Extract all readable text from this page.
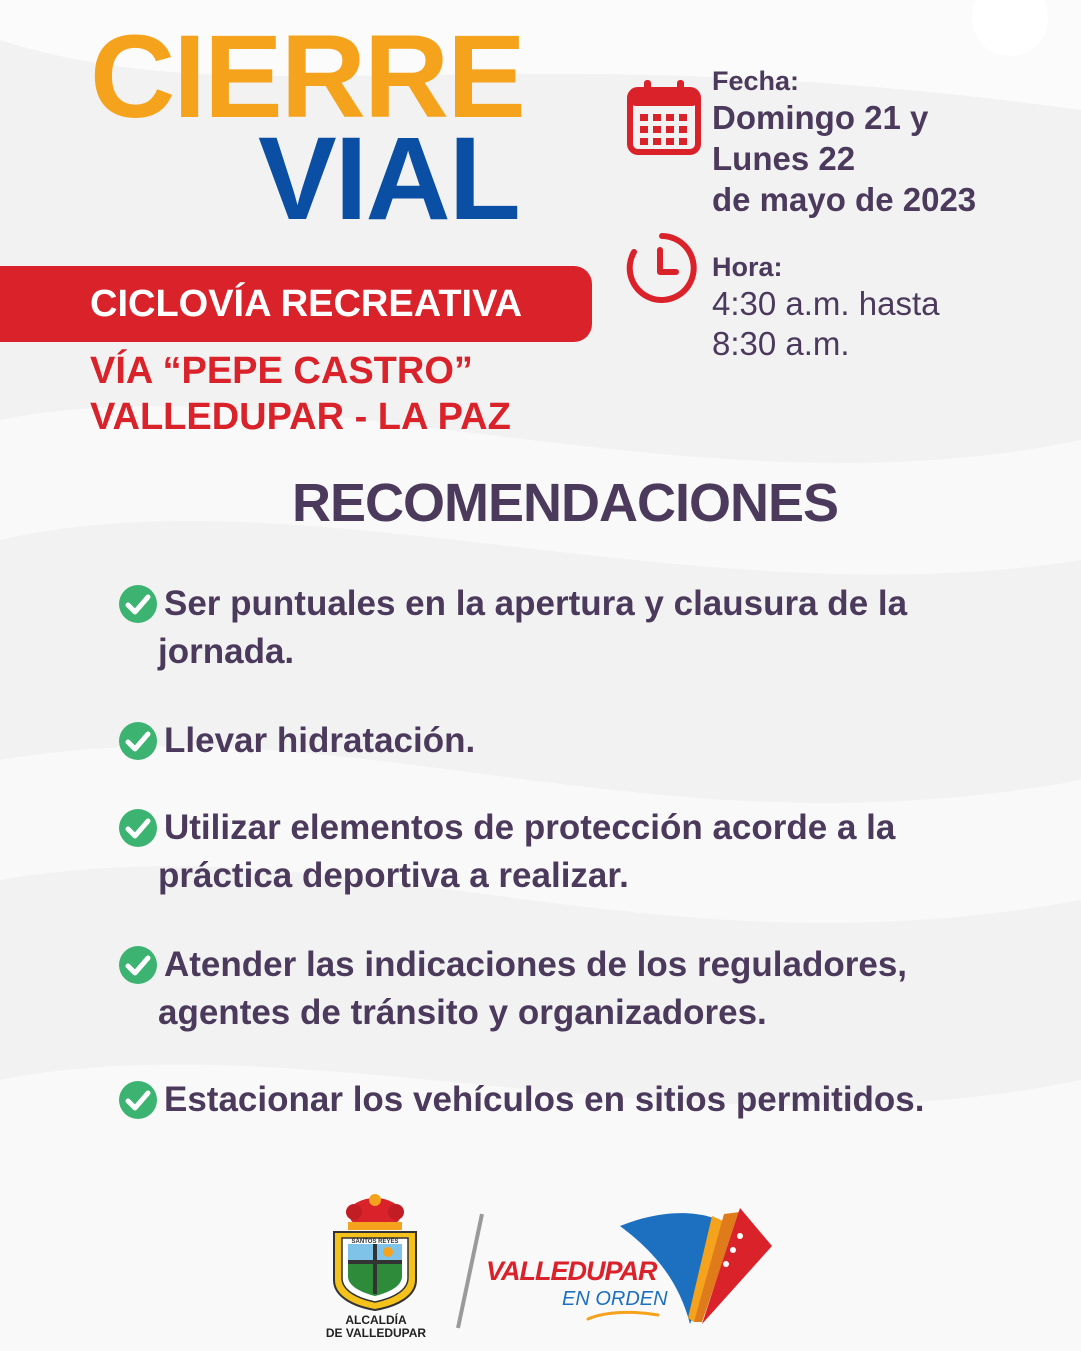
CIERRE
VIAL
CICLOVÍA RECREATIVA
VÍA “PEPE CASTRO”
VALLEDUPAR - LA PAZ
Fecha:
Domingo 21 y
Lunes 22
de mayo de 2023
Hora:
4:30 a.m. hasta
8:30 a.m.
RECOMENDACIONES
Ser puntuales en la apertura y clausura de la
jornada.
Llevar hidratación.
Utilizar elementos de protección acorde a la
práctica deportiva a realizar.
Atender las indicaciones de los reguladores,
agentes de tránsito y organizadores.
Estacionar los vehículos en sitios permitidos.
SANTOS REYES
ALCALDÍA
DE VALLEDUPAR
VALLEDUPAR
EN ORDEN
